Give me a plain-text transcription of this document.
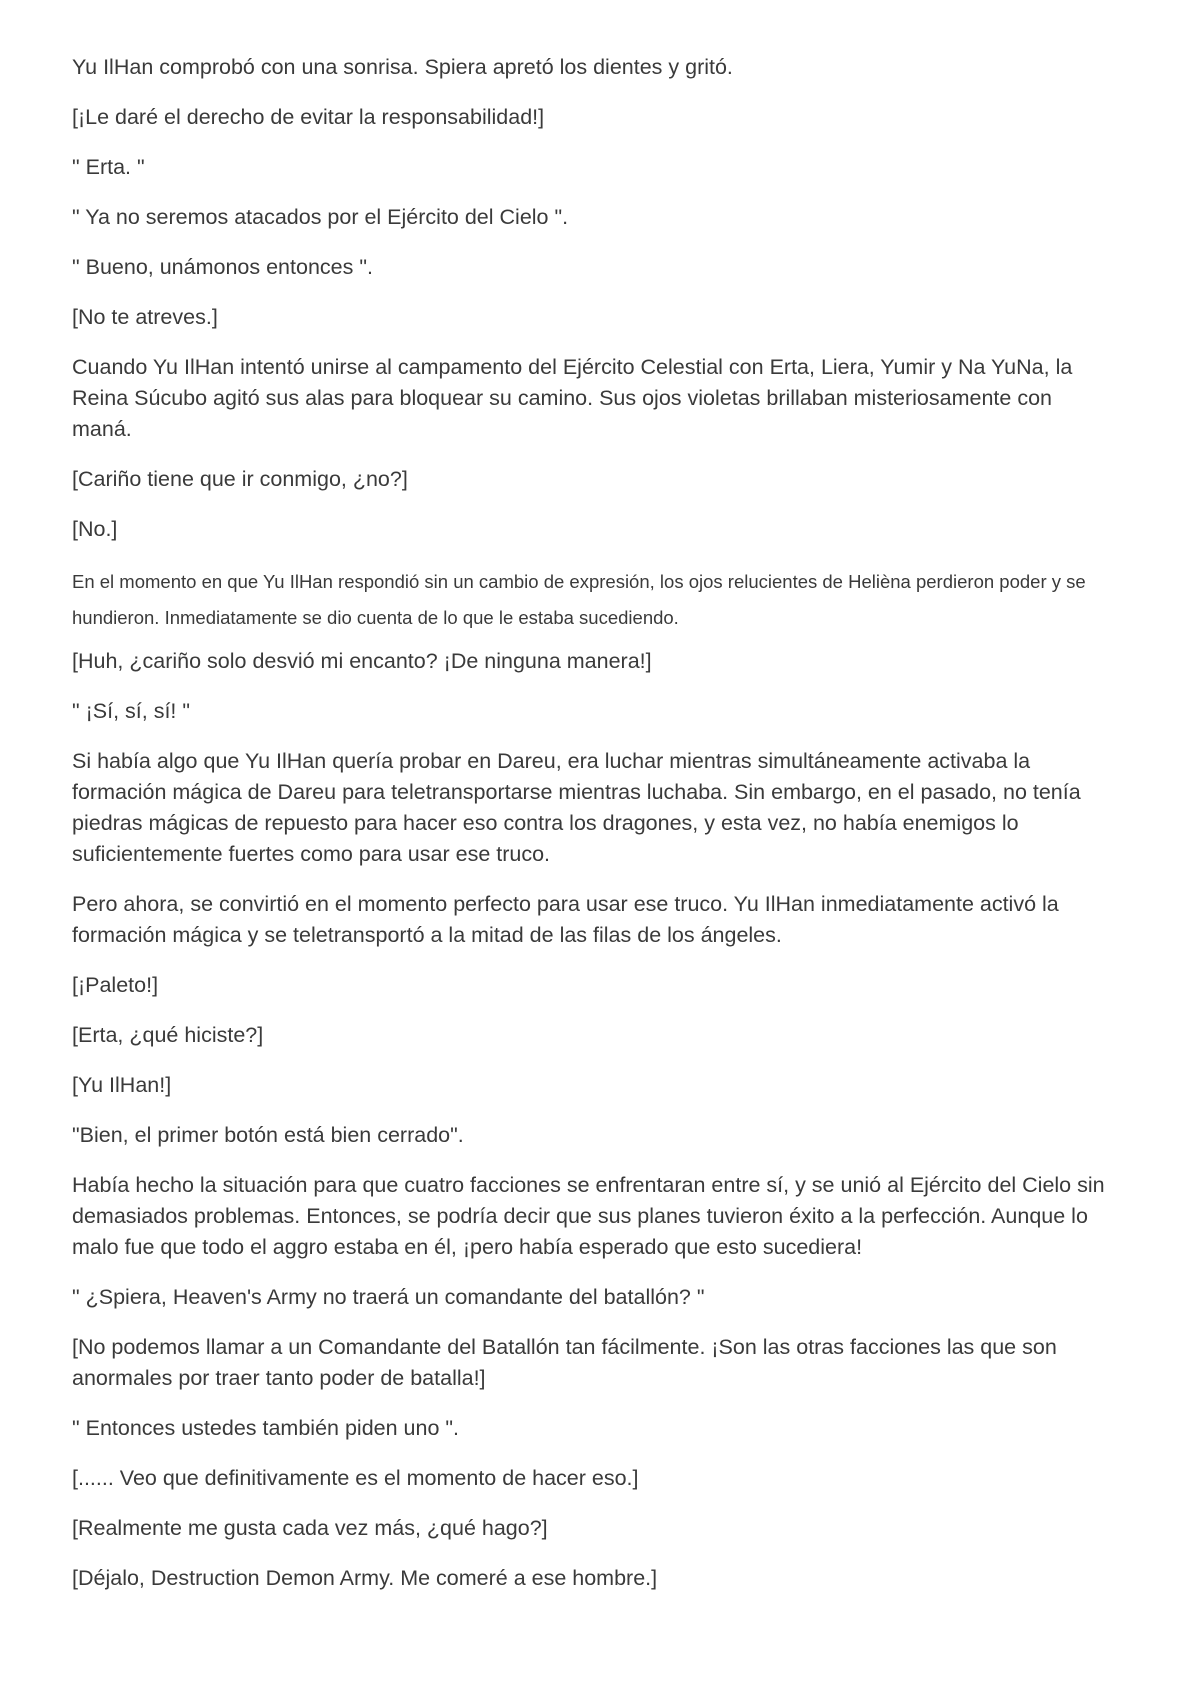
Yu IlHan comprobó con una sonrisa. Spiera apretó los dientes y gritó.

[¡Le daré el derecho de evitar la responsabilidad!]

" Erta. "

" Ya no seremos atacados por el Ejército del Cielo ".

" Bueno, unámonos entonces ".

[No te atreves.]

Cuando Yu IlHan intentó unirse al campamento del Ejército Celestial con Erta, Liera, Yumir y Na YuNa, la Reina Súcubo agitó sus alas para bloquear su camino. Sus ojos violetas brillaban misteriosamente con maná.

[Cariño tiene que ir conmigo, ¿no?]

[No.]

En el momento en que Yu IlHan respondió sin un cambio de expresión, los ojos relucientes de Helièna perdieron poder y se hundieron. Inmediatamente se dio cuenta de lo que le estaba sucediendo.

[Huh, ¿cariño solo desvió mi encanto? ¡De ninguna manera!]

" ¡Sí, sí, sí! "

Si había algo que Yu IlHan quería probar en Dareu, era luchar mientras simultáneamente activaba la formación mágica de Dareu para teletransportarse mientras luchaba. Sin embargo, en el pasado, no tenía piedras mágicas de repuesto para hacer eso contra los dragones, y esta vez, no había enemigos lo suficientemente fuertes como para usar ese truco.

Pero ahora, se convirtió en el momento perfecto para usar ese truco. Yu IlHan inmediatamente activó la formación mágica y se teletransportó a la mitad de las filas de los ángeles.

[¡Paleto!]

[Erta, ¿qué hiciste?]

[Yu IlHan!]

"Bien, el primer botón está bien cerrado".

Había hecho la situación para que cuatro facciones se enfrentaran entre sí, y se unió al Ejército del Cielo sin demasiados problemas. Entonces, se podría decir que sus planes tuvieron éxito a la perfección. Aunque lo malo fue que todo el aggro estaba en él, ¡pero había esperado que esto sucediera!

" ¿Spiera, Heaven's Army no traerá un comandante del batallón? "

[No podemos llamar a un Comandante del Batallón tan fácilmente. ¡Son las otras facciones las que son anormales por traer tanto poder de batalla!]

" Entonces ustedes también piden uno ".

[...... Veo que definitivamente es el momento de hacer eso.]

[Realmente me gusta cada vez más, ¿qué hago?]

[Déjalo, Destruction Demon Army. Me comeré a ese hombre.]
